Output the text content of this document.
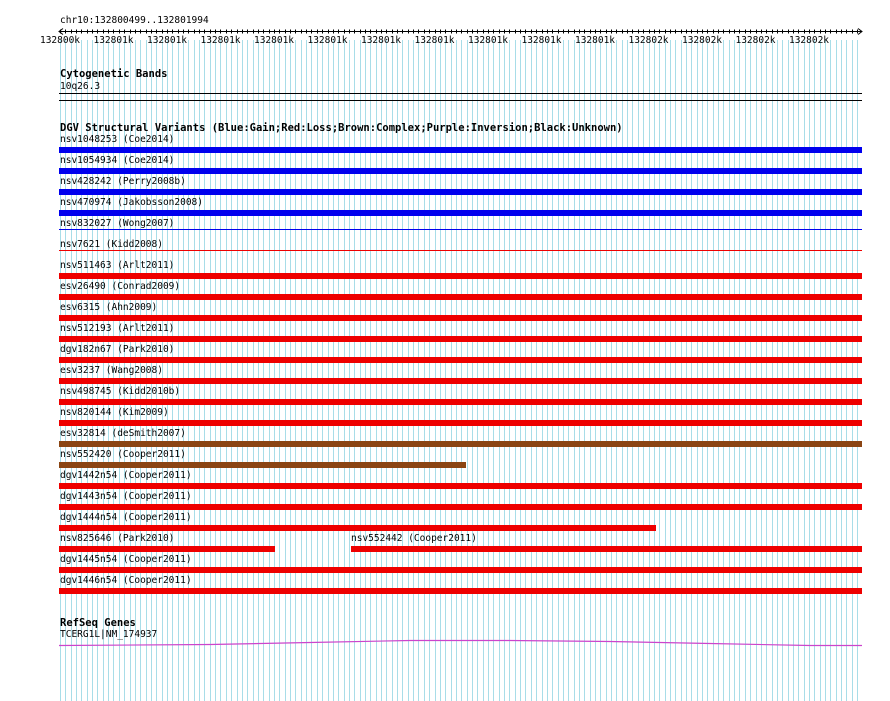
chr10:132800499..132801994
132800k 132801k 132801k 132801k 132801k 132801k 132801k 132801k 132801k 132801k 132801k 132802k 132802k 132802k 132802k
Cytogenetic Bands
10q26.3
DGV Structural Variants (Blue:Gain;Red:Loss;Brown:Complex;Purple:Inversion;Black:Unknown)
nsv1048253 (Coe2014)
nsv1054934 (Coe2014)
nsv428242 (Perry2008b)
nsv470974 (Jakobsson2008)
nsv832027 (Wong2007)
nsv7621 (Kidd2008)
nsv511463 (Arlt2011)
esv26490 (Conrad2009)
esv6315 (Ahn2009)
nsv512193 (Arlt2011)
dgv182n67 (Park2010)
esv3237 (Wang2008)
nsv498745 (Kidd2010b)
nsv820144 (Kim2009)
esv32814 (deSmith2007)
nsv552420 (Cooper2011)
dgv1442n54 (Cooper2011)
dgv1443n54 (Cooper2011)
dgv1444n54 (Cooper2011)
nsv825646 (Park2010)	nsv552442 (Cooper2011)
dgv1445n54 (Cooper2011)
dgv1446n54 (Cooper2011)
RefSeq Genes
TCERG1L|NM_174937
